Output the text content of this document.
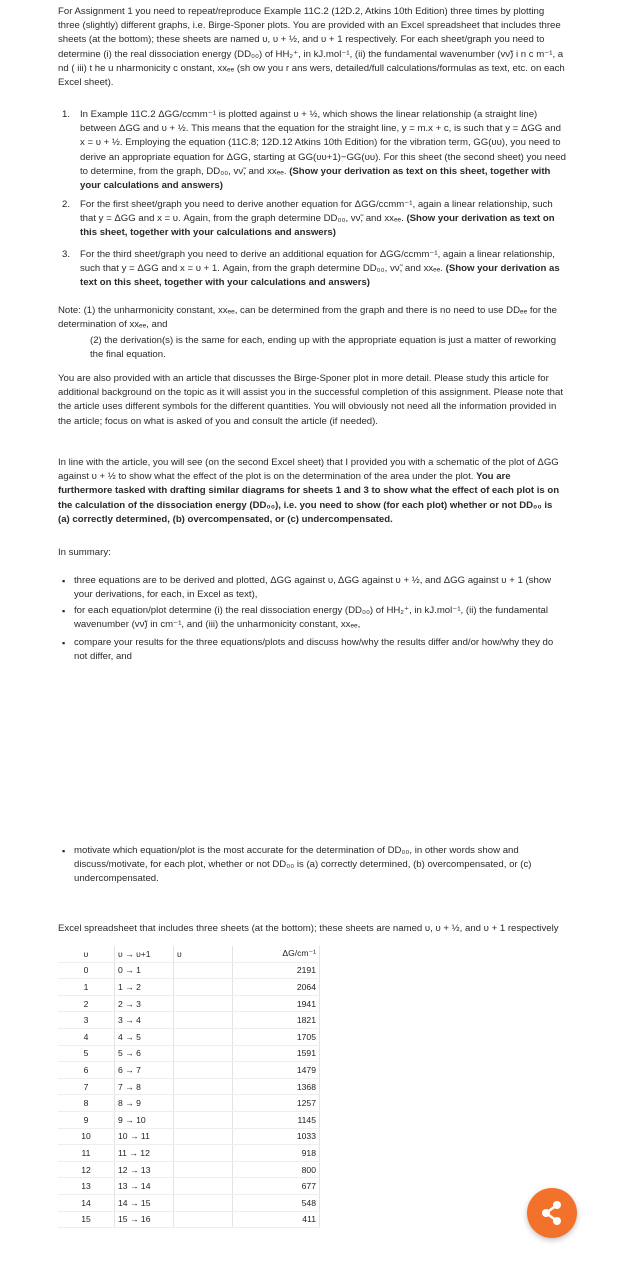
For Assignment 1 you need to repeat/reproduce Example 11C.2 (12D.2, Atkins 10th Edition) three times by plotting three (slightly) different graphs, i.e. Birge-Sponer plots. You are provided with an Excel spreadsheet that includes three sheets (at the bottom); these sheets are named υ, υ + ½, and υ + 1 respectively. For each sheet/graph you need to determine (i) the real dissociation energy (DD₀₀) of HH₂⁺, in kJ.mol⁻¹, (ii) the fundamental wavenumber (vν̃) i n c m⁻¹, a nd ( iii) t he u nharmonicity c onstant, xxₑₑ (sh ow you r ans wers, detailed/full calculations/formulas as text, etc. on each Excel sheet).
1. In Example 11C.2 ΔGG/ccmm⁻¹ is plotted against υ + ½, which shows the linear relationship (a straight line) between ΔGG and υ + ½. This means that the equation for the straight line, y = m.x + c, is such that y = ΔGG and x = υ + ½. Employing the equation (11C.8; 12D.12 Atkins 10th Edition) for the vibration term, GG(υυ), you need to derive an appropriate equation for ΔGG, starting at GG(υυ+1)−GG(υυ). For this sheet (the second sheet) you need to determine, from the graph, DD₀₀, vν̃, and xxₑₑ. (Show your derivation as text on this sheet, together with your calculations and answers)
2. For the first sheet/graph you need to derive another equation for ΔGG/ccmm⁻¹, again a linear relationship, such that y = ΔGG and x = υ. Again, from the graph determine DD₀₀, vν̃, and xxₑₑ. (Show your derivation as text on this sheet, together with your calculations and answers)
3. For the third sheet/graph you need to derive an additional equation for ΔGG/ccmm⁻¹, again a linear relationship, such that y = ΔGG and x = υ + 1. Again, from the graph determine DD₀₀, vν̃, and xxₑₑ. (Show your derivation as text on this sheet, together with your calculations and answers)
Note: (1) the unharmonicity constant, xxₑₑ, can be determined from the graph and there is no need to use DDₑₑ for the determination of xxₑₑ, and
(2) the derivation(s) is the same for each, ending up with the appropriate equation is just a matter of reworking the final equation.
You are also provided with an article that discusses the Birge-Sponer plot in more detail. Please study this article for additional background on the topic as it will assist you in the successful completion of this assignment. Please note that the article uses different symbols for the different quantities. You will obviously not need all the information provided in the article; focus on what is asked of you and consult the article (if needed).
In line with the article, you will see (on the second Excel sheet) that I provided you with a schematic of the plot of ΔGG against υ + ½ to show what the effect of the plot is on the determination of the area under the plot. You are furthermore tasked with drafting similar diagrams for sheets 1 and 3 to show what the effect of each plot is on the calculation of the dissociation energy (DD₀₀), i.e. you need to show (for each plot) whether or not DD₀₀ is (a) correctly determined, (b) overcompensated, or (c) undercompensated.
In summary:
▪ three equations are to be derived and plotted, ΔGG against υ, ΔGG against υ + ½, and ΔGG against υ + 1 (show your derivations, for each, in Excel as text),
▪ for each equation/plot determine (i) the real dissociation energy (DD₀₀) of HH₂⁺, in kJ.mol⁻¹, (ii) the fundamental wavenumber (vν̃) in cm⁻¹, and (iii) the unharmonicity constant, xxₑₑ,
▪ compare your results for the three equations/plots and discuss how/why the results differ and/or how/why they do not differ, and
▪ motivate which equation/plot is the most accurate for the determination of DD₀₀, in other words show and discuss/motivate, for each plot, whether or not DD₀₀ is (a) correctly determined, (b) overcompensated, or (c) undercompensated.
Excel spreadsheet that includes three sheets (at the bottom); these sheets are named υ, υ + ½, and υ + 1 respectively
υ	υ → υ+1	υ	ΔG/cm⁻¹
0	0 → 1		2191
1	1 → 2		2064
2	2 → 3		1941
3	3 → 4		1821
4	4 → 5		1705
5	5 → 6		1591
6	6 → 7		1479
7	7 → 8		1368
8	8 → 9		1257
9	9 → 10		1145
10	10 → 11		1033
11	11 → 12		918
12	12 → 13		800
13	13 → 14		677
14	14 → 15		548
15	15 → 16		411
